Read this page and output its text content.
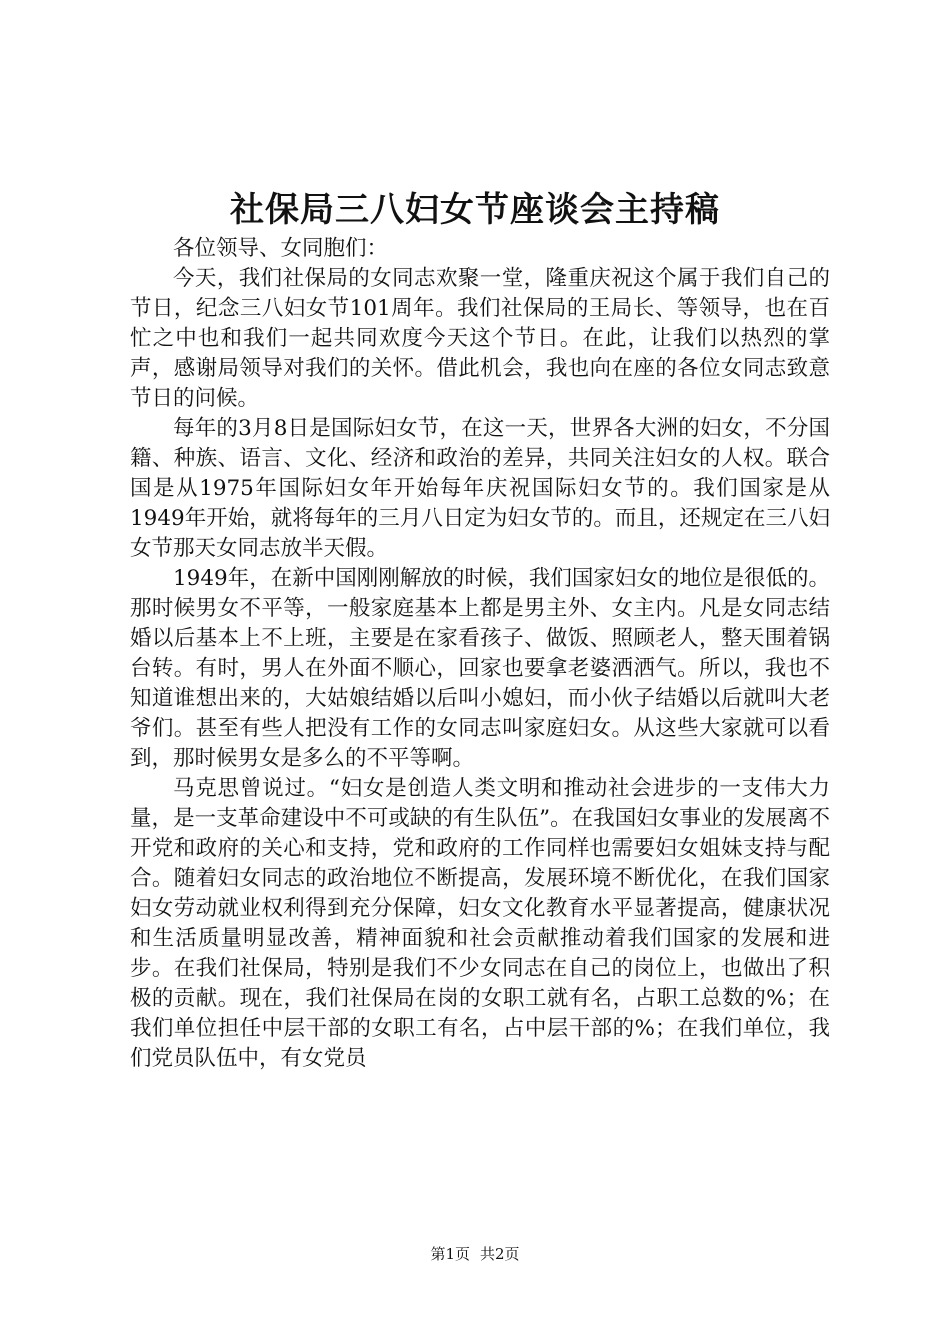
社保局三八妇女节座谈会主持稿

各位领导、女同胞们：

今天，我们社保局的女同志欢聚一堂，隆重庆祝这个属于我们自己的节日，纪念三八妇女节101周年。我们社保局的王局长、等领导，也在百忙之中也和我们一起共同欢度今天这个节日。在此，让我们以热烈的掌声，感谢局领导对我们的关怀。借此机会，我也向在座的各位女同志致意节日的问候。

每年的3月8日是国际妇女节，在这一天，世界各大洲的妇女，不分国籍、种族、语言、文化、经济和政治的差异，共同关注妇女的人权。联合国是从1975年国际妇女年开始每年庆祝国际妇女节的。我们国家是从1949年开始，就将每年的三月八日定为妇女节的。而且，还规定在三八妇女节那天女同志放半天假。

1949年，在新中国刚刚解放的时候，我们国家妇女的地位是很低的。那时候男女不平等，一般家庭基本上都是男主外、女主内。凡是女同志结婚以后基本上不上班，主要是在家看孩子、做饭、照顾老人，整天围着锅台转。有时，男人在外面不顺心，回家也要拿老婆洒洒气。所以，我也不知道谁想出来的，大姑娘结婚以后叫小媳妇，而小伙子结婚以后就叫大老爷们。甚至有些人把没有工作的女同志叫家庭妇女。从这些大家就可以看到，那时候男女是多么的不平等啊。

马克思曾说过。“妇女是创造人类文明和推动社会进步的一支伟大力量，是一支革命建设中不可或缺的有生队伍”。在我国妇女事业的发展离不开党和政府的关心和支持，党和政府的工作同样也需要妇女姐妹支持与配合。随着妇女同志的政治地位不断提高，发展环境不断优化，在我们国家妇女劳动就业权利得到充分保障，妇女文化教育水平显著提高，健康状况和生活质量明显改善，精神面貌和社会贡献推动着我们国家的发展和进步。在我们社保局，特别是我们不少女同志在自己的岗位上，也做出了积极的贡献。现在，我们社保局在岗的女职工就有名，占职工总数的%；在我们单位担任中层干部的女职工有名，占中层干部的%；在我们单位，我们党员队伍中，有女党员

第1页 共2页
